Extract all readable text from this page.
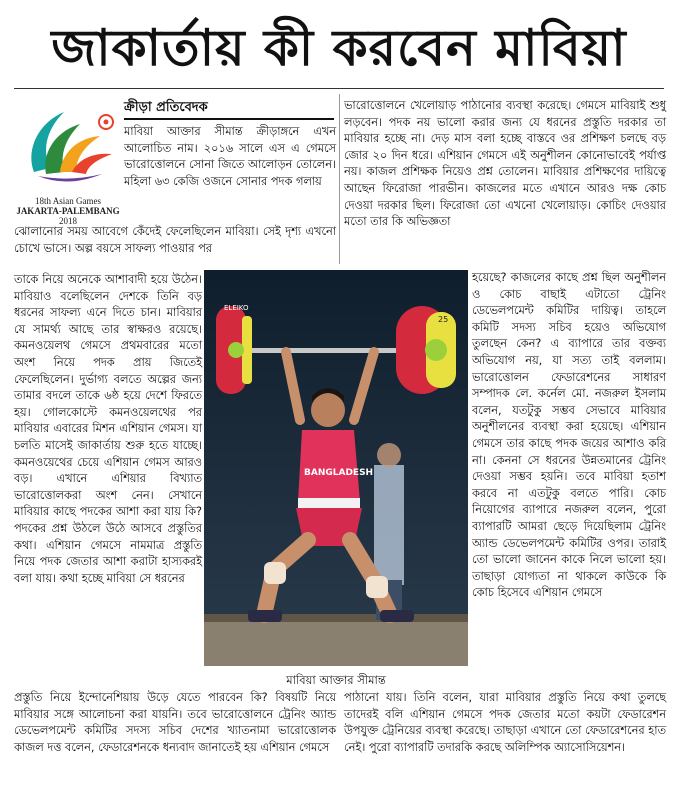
জাকার্তায় কী করবেন মাবিয়া
18th Asian Games
JAKARTA-PALEMBANG
2018
ক্রীড়া প্রতিবেদক

মাবিয়া আক্তার সীমান্ত ক্রীড়াঙ্গনে এখন আলোচিত নাম। ২০১৬ সালে এস এ গেমসে ভারোত্তোলনে সোনা জিতে আলোড়ন তোলেন। মহিলা ৬৩ কেজি ওজনে সোনার পদক গলায়

ঝোলানোর সময় আবেগে কেঁদেই ফেলেছিলেন মাবিয়া। সেই দৃশ্য এখনো চোখে ভাসে। অল্প বয়সে সাফল্য পাওয়ার পর

তাকে নিয়ে অনেকে আশাবাদী হয়ে উঠেন। মাবিয়াও বলেছিলেন দেশকে তিনি বড় ধরনের সাফল্য এনে দিতে চান। মাবিয়ার যে সামর্থ্য আছে তার স্বাক্ষরও রয়েছে। কমনওয়েলথ গেমসে প্রথমবারের মতো অংশ নিয়ে পদক প্রায় জিতেই ফেলেছিলেন। দুর্ভাগ্য বলতে অল্পের জন্য তামার বদলে তাকে ৬ষ্ঠ হয়ে দেশে ফিরতে হয়। গোলকোস্টে কমনওয়েলথের পর মাবিয়ার এবারের মিশন এশিয়ান গেমস। যা চলতি মাসেই জাকার্তায় শুরু হতে যাচ্ছে। কমনওয়েথের চেয়ে এশিয়ান গেমস আরও বড়। এখানে এশিয়ার বিখ্যাত ভারোত্তোলকরা অংশ নেন। সেখানে মাবিয়ার কাছে পদকের আশা করা যায় কি? পদকের প্রশ্ন উঠলে উঠে আসবে প্রস্তুতির কথা। এশিয়ান গেমসে নামমাত্র প্রস্তুতি নিয়ে পদক জেতার আশা করাটা হাস্যকরই বলা যায়। কথা হচ্ছে মাবিয়া সে ধরনের

ভারোত্তোলনে খেলোয়াড় পাঠানোর ব্যবস্থা করেছে। গেমসে মাবিয়াই শুধু লড়বেন। পদক নয় ভালো করার জন্য যে ধরনের প্রস্তুতি দরকার তা মাবিয়ার হচ্ছে না। দেড় মাস বলা হচ্ছে বাস্তবে ওর প্রশিক্ষণ চলছে বড় জোর ২০ দিন ধরে। এশিয়ান গেমসে এই অনুশীলন কোনোভাবেই পর্যাপ্ত নয়। কাজল প্রশিক্ষক নিয়েও প্রশ্ন তোলেন। মাবিয়ার প্রশিক্ষণের দায়িত্বে আছেন ফিরোজা পারভীন। কাজলের মতে এখানে আরও দক্ষ কোচ দেওয়া দরকার ছিল। ফিরোজা তো এখনো খেলোয়াড়। কোচিং দেওয়ার মতো তার কি অভিজ্ঞতা

হয়েছে? কাজলের কাছে প্রশ্ন ছিল অনুশীলন ও কোচ বাছাই এটাতো ট্রেনিং ডেভেলপমেন্ট কমিটির দায়িত্ব। তাহলে কমিটি সদস্য সচিব হয়েও অভিযোগ তুলছেন কেন? এ ব্যাপারে তার বক্তব্য অভিযোগ নয়, যা সত্য তাই বললাম। ভারোত্তোলন ফেডারেশনের সাধারণ সম্পাদক লে. কর্নেল মো. নজরুল ইসলাম বলেন, যতটুকু সম্ভব সেভাবে মাবিয়ার অনুশীলনের ব্যবস্থা করা হয়েছে। এশিয়ান গেমসে তার কাছে পদক জয়ের আশাও করি না। কেননা সে ধরনের উন্নতমানের ট্রেনিং দেওয়া সম্ভব হয়নি। তবে মাবিয়া হতাশ করবে না এতটুকু বলতে পারি। কোচ নিয়োগের ব্যাপারে নজরুল বলেন, পুরো ব্যাপারটি আমরা ছেড়ে দিয়েছিলাম ট্রেনিং অ্যান্ড ডেভেলপমেন্ট কমিটির ওপর। তারাই তো ভালো জানেন কাকে নিলে ভালো হয়। তাছাড়া যোগ্যতা না থাকলে কাউকে কি কোচ হিসেবে এশিয়ান গেমসে

ELEIKO
25
BANGLADESH
মাবিয়া আক্তার সীমান্ত

প্রস্তুতি নিয়ে ইন্দোনেশিয়ায় উড়ে যেতে পারবেন কি? বিষয়টি নিয়ে মাবিয়ার সঙ্গে আলোচনা করা যায়নি। তবে ভারোত্তোলনে ট্রেনিং অ্যান্ড ডেভেলপমেন্ট কমিটির সদস্য সচিব দেশের খ্যাতনামা ভারোত্তোলক কাজল দত্ত বলেন, ফেডারেশনকে ধন্যবাদ জানাতেই হয় এশিয়ান গেমসে

পাঠানো যায়। তিনি বলেন, যারা মাবিয়ার প্রস্তুতি নিয়ে কথা তুলছে তাদেরই বলি এশিয়ান গেমসে পদক জেতার মতো কয়টা ফেডারেশন উপযুক্ত ট্রেনিয়ের ব্যবস্থা করেছে। তাছাড়া এখানে তো ফেডারেশনের হাত নেই। পুরো ব্যাপারটি তদারকি করছে অলিম্পিক অ্যাসোসিয়েশন।
